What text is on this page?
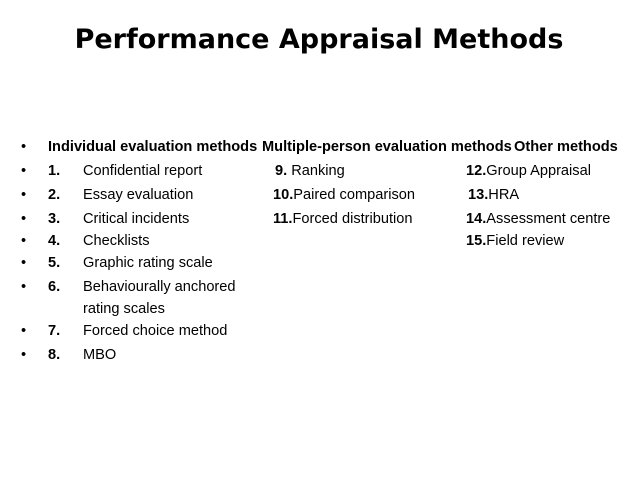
Performance Appraisal Methods
•
•
•
•
•
•
•
•
•
Individual evaluation methods Multiple-person evaluation methods Other methods
1. Confidential report
2. Essay evaluation
3. Critical incidents
4. Checklists
5. Graphic rating scale
6. Behaviourally anchored
rating scales
7. Forced choice method
8. MBO
9. Ranking
10.Paired comparison
11.Forced distribution
12.Group Appraisal
13.HRA
14.Assessment centre
15.Field review
